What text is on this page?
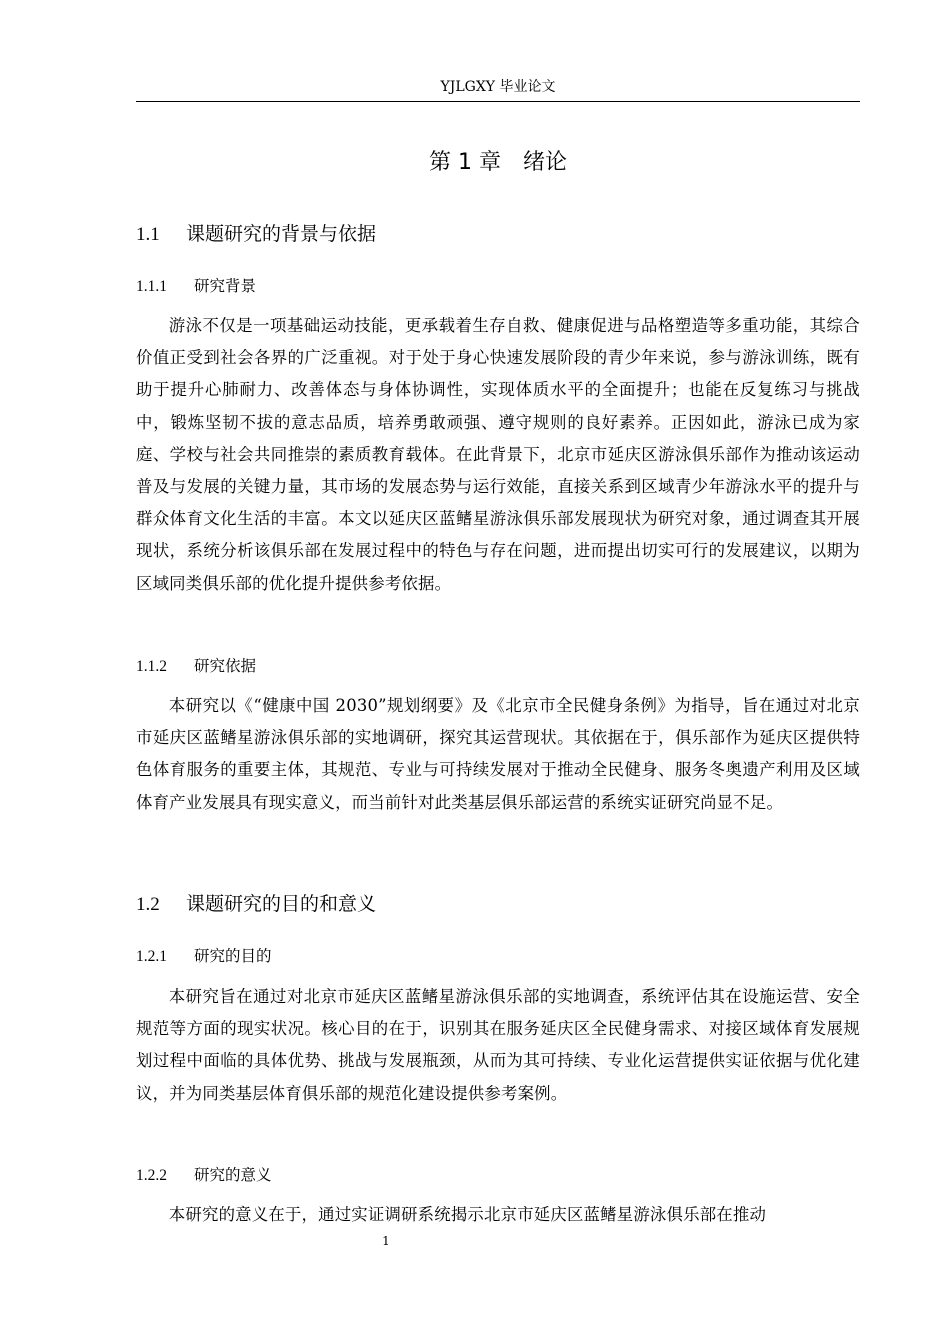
YJLGXY 毕业论文
第 1 章　绪论
1.1 课题研究的背景与依据
1.1.1 研究背景

游泳不仅是一项基础运动技能，更承载着生存自救、健康促进与品格塑造等多重功能，其综合价值正受到社会各界的广泛重视。对于处于身心快速发展阶段的青少年来说，参与游泳训练，既有助于提升心肺耐力、改善体态与身体协调性，实现体质水平的全面提升；也能在反复练习与挑战中，锻炼坚韧不拔的意志品质，培养勇敢顽强、遵守规则的良好素养。正因如此，游泳已成为家庭、学校与社会共同推崇的素质教育载体。在此背景下，北京市延庆区游泳俱乐部作为推动该运动普及与发展的关键力量，其市场的发展态势与运行效能，直接关系到区域青少年游泳水平的提升与群众体育文化生活的丰富。本文以延庆区蓝鳍星游泳俱乐部发展现状为研究对象，通过调查其开展现状，系统分析该俱乐部在发展过程中的特色与存在问题，进而提出切实可行的发展建议，以期为区域同类俱乐部的优化提升提供参考依据。

1.1.2 研究依据

本研究以《“健康中国 2030”规划纲要》及《北京市全民健身条例》为指导，旨在通过对北京市延庆区蓝鳍星游泳俱乐部的实地调研，探究其运营现状。其依据在于，俱乐部作为延庆区提供特色体育服务的重要主体，其规范、专业与可持续发展对于推动全民健身、服务冬奥遗产利用及区域体育产业发展具有现实意义，而当前针对此类基层俱乐部运营的系统实证研究尚显不足。

1.2 课题研究的目的和意义
1.2.1 研究的目的

本研究旨在通过对北京市延庆区蓝鳍星游泳俱乐部的实地调查，系统评估其在设施运营、安全规范等方面的现实状况。核心目的在于，识别其在服务延庆区全民健身需求、对接区域体育发展规划过程中面临的具体优势、挑战与发展瓶颈，从而为其可持续、专业化运营提供实证依据与优化建议，并为同类基层体育俱乐部的规范化建设提供参考案例。

1.2.2 研究的意义

本研究的意义在于，通过实证调研系统揭示北京市延庆区蓝鳍星游泳俱乐部在推动

1
